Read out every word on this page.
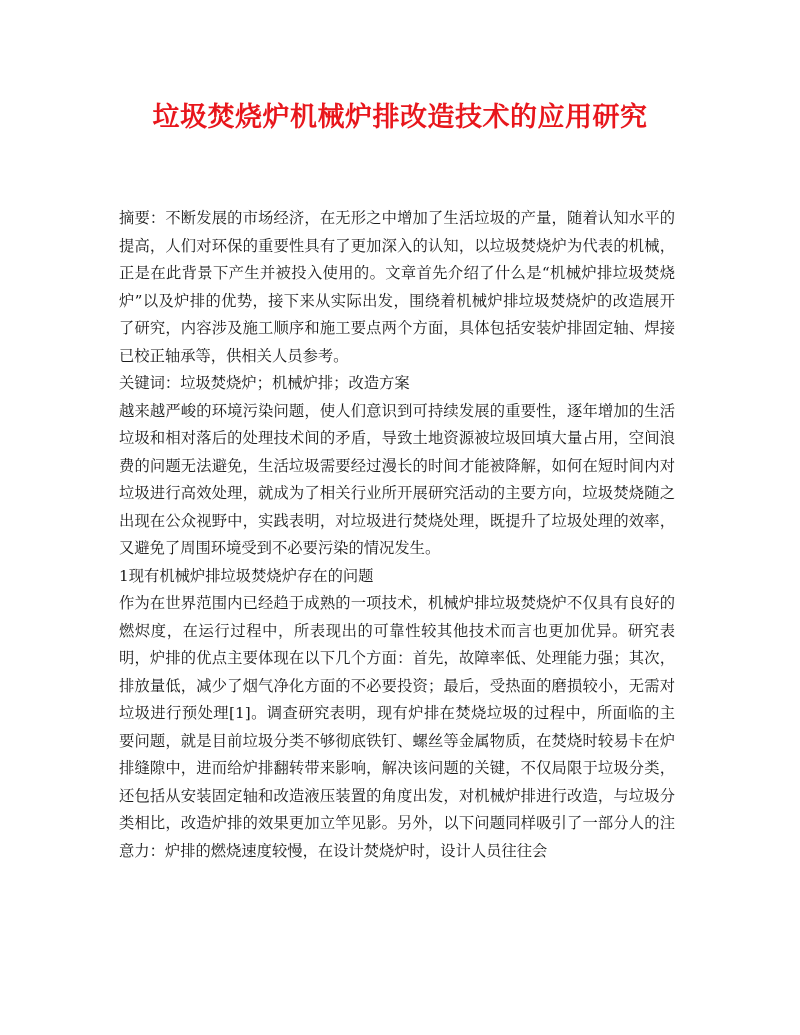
垃圾焚烧炉机械炉排改造技术的应用研究

摘要：不断发展的市场经济，在无形之中增加了生活垃圾的产量，随着认知水平的提高，人们对环保的重要性具有了更加深入的认知，以垃圾焚烧炉为代表的机械，正是在此背景下产生并被投入使用的。文章首先介绍了什么是“机械炉排垃圾焚烧炉”以及炉排的优势，接下来从实际出发，围绕着机械炉排垃圾焚烧炉的改造展开了研究，内容涉及施工顺序和施工要点两个方面，具体包括安装炉排固定轴、焊接已校正轴承等，供相关人员参考。

关键词：垃圾焚烧炉；机械炉排；改造方案

越来越严峻的环境污染问题，使人们意识到可持续发展的重要性，逐年增加的生活垃圾和相对落后的处理技术间的矛盾，导致土地资源被垃圾回填大量占用，空间浪费的问题无法避免，生活垃圾需要经过漫长的时间才能被降解，如何在短时间内对垃圾进行高效处理，就成为了相关行业所开展研究活动的主要方向，垃圾焚烧随之出现在公众视野中，实践表明，对垃圾进行焚烧处理，既提升了垃圾处理的效率，又避免了周围环境受到不必要污染的情况发生。

1现有机械炉排垃圾焚烧炉存在的问题

作为在世界范围内已经趋于成熟的一项技术，机械炉排垃圾焚烧炉不仅具有良好的燃烬度，在运行过程中，所表现出的可靠性较其他技术而言也更加优异。研究表明，炉排的优点主要体现在以下几个方面：首先，故障率低、处理能力强；其次，排放量低，减少了烟气净化方面的不必要投资；最后，受热面的磨损较小，无需对垃圾进行预处理[1]。调查研究表明，现有炉排在焚烧垃圾的过程中，所面临的主要问题，就是目前垃圾分类不够彻底铁钉、螺丝等金属物质，在焚烧时较易卡在炉排缝隙中，进而给炉排翻转带来影响，解决该问题的关键，不仅局限于垃圾分类，还包括从安装固定轴和改造液压装置的角度出发，对机械炉排进行改造，与垃圾分类相比，改造炉排的效果更加立竿见影。另外，以下问题同样吸引了一部分人的注意力：炉排的燃烧速度较慢，在设计焚烧炉时，设计人员往往会
